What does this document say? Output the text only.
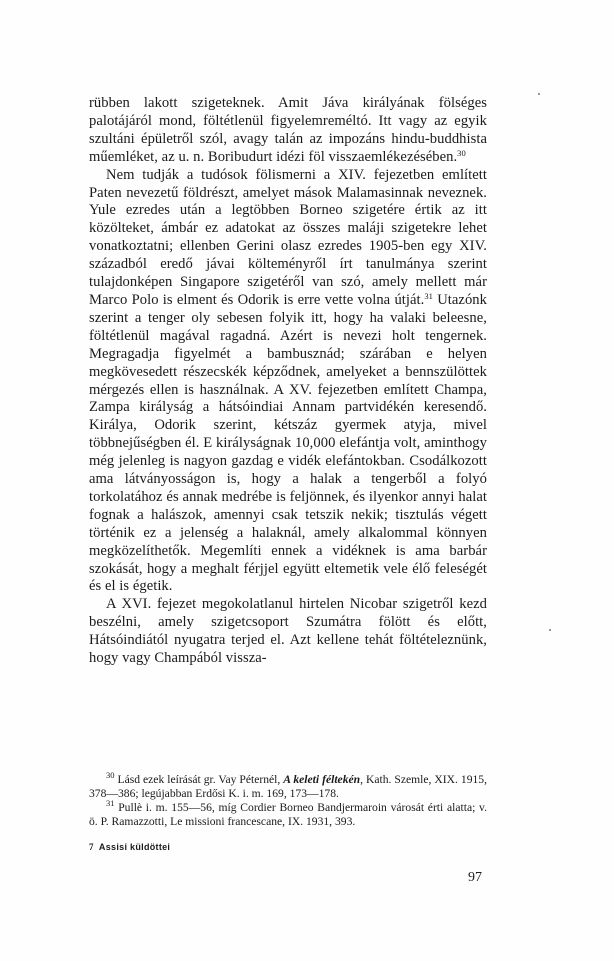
rübben lakott szigeteknek. Amit Jáva királyának fölséges palotájáról mond, föltétlenül figyelemreméltó. Itt vagy az egyik szultáni épületről szól, avagy talán az impozáns hindu-buddhista műemléket, az u. n. Boribudurt idézi föl visszaemlékezésében.$^{30}$

Nem tudják a tudósok fölismerni a XIV. fejezetben említett Paten nevezetű földrészt, amelyet mások Malamasinnak neveznek. Yule ezredes után a legtöbben Borneo szigetére értik az itt közölteket, ámbár ez adatokat az összes maláji szigetekre lehet vonatkoztatni; ellenben Gerini olasz ezredes 1905-ben egy XIV. századból eredő jávai költeményről írt tanulmánya szerint tulajdonképen Singapore szigetéről van szó, amely mellett már Marco Polo is elment és Odorik is erre vette volna útját.$^{31}$ Utazónk szerint a tenger oly sebesen folyik itt, hogy ha valaki beleesne, föltétlenül magával ragadná. Azért is nevezi holt tengernek. Megragadja figyelmét a bambusznád; szárában e helyen megkövesedett részecskék képződnek, amelyeket a bennszülöttek mérgezés ellen is használnak. A XV. fejezetben említett Champa, Zampa királyság a hátsóindiai Annam partvidékén keresendő. Királya, Odorik szerint, kétszáz gyermek atyja, mivel többnejűségben él. E királyságnak 10,000 elefántja volt, aminthogy még jelenleg is nagyon gazdag e vidék elefántokban. Csodálkozott ama látványosságon is, hogy a halak a tengerből a folyó torkolatához és annak medrébe is feljönnek, és ilyenkor annyi halat fognak a halászok, amennyi csak tetszik nekik; tisztulás végett történik ez a jelenség a halaknál, amely alkalommal könnyen megközelíthetők. Megemlíti ennek a vidéknek is ama barbár szokását, hogy a meghalt férjjel együtt eltemetik vele élő feleségét és el is égetik.

A XVI. fejezet megokolatlanul hirtelen Nicobar szigetről kezd beszélni, amely szigetcsoport Szumátra fölött és előtt, Hátsóindiától nyugatra terjed el. Azt kellene tehát föltételeznünk, hogy vagy Champából vissza-

$^{30}$ Lásd ezek leírását gr. Vay Péternél, A keleti féltekén, Kath. Szemle, XIX. 1915, 378—386; legújabban Erdősi K. i. m. 169, 173—178.

$^{31}$ Pullè i. m. 155—56, míg Cordier Borneo Bandjermaroin városát érti alatta; v. ö. P. Ramazzotti, Le missioni francescane, IX. 1931, 393.

7 Assisi küldöttei
97
